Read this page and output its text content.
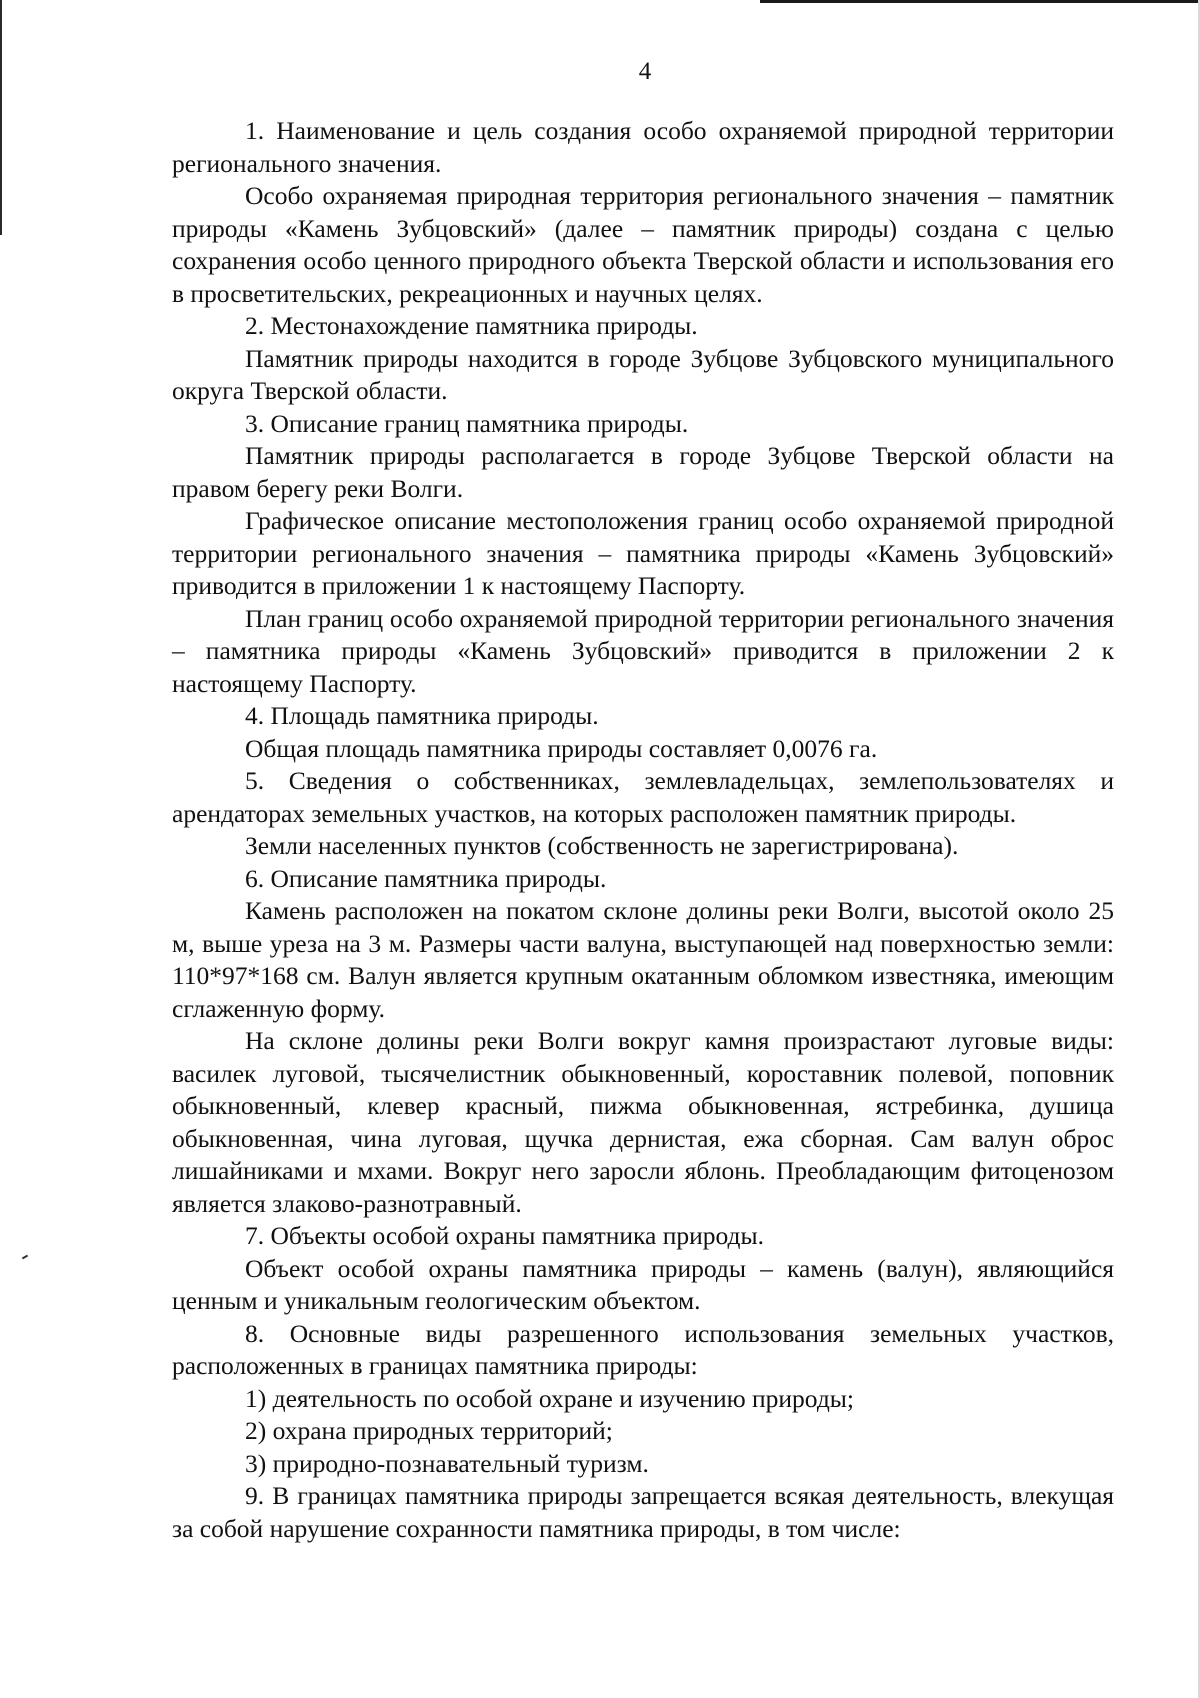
4

1. Наименование и цель создания особо охраняемой природной территории регионального значения.

Особо охраняемая природная территория регионального значения – памятник природы «Камень Зубцовский» (далее – памятник природы) создана с целью сохранения особо ценного природного объекта Тверской области и использования его в просветительских, рекреационных и научных целях.

2. Местонахождение памятника природы.

Памятник природы находится в городе Зубцове Зубцовского муниципального округа Тверской области.

3. Описание границ памятника природы.

Памятник природы располагается в городе Зубцове Тверской области на правом берегу реки Волги.

Графическое описание местоположения границ особо охраняемой природной территории регионального значения – памятника природы «Камень Зубцовский» приводится в приложении 1 к настоящему Паспорту.

План границ особо охраняемой природной территории регионального значения – памятника природы «Камень Зубцовский» приводится в приложении 2 к настоящему Паспорту.

4. Площадь памятника природы.

Общая площадь памятника природы составляет 0,0076 га.

5. Сведения о собственниках, землевладельцах, землепользователях и арендаторах земельных участков, на которых расположен памятник природы.

Земли населенных пунктов (собственность не зарегистрирована).

6. Описание памятника природы.

Камень расположен на покатом склоне долины реки Волги, высотой около 25 м, выше уреза на 3 м. Размеры части валуна, выступающей над поверхностью земли: 110*97*168 см. Валун является крупным окатанным обломком известняка, имеющим сглаженную форму.

На склоне долины реки Волги вокруг камня произрастают луговые виды: василек луговой, тысячелистник обыкновенный, короставник полевой, поповник обыкновенный, клевер красный, пижма обыкновенная, ястребинка, душица обыкновенная, чина луговая, щучка дернистая, ежа сборная. Сам валун оброс лишайниками и мхами. Вокруг него заросли яблонь. Преобладающим фитоценозом является злаково-разнотравный.

7. Объекты особой охраны памятника природы.

Объект особой охраны памятника природы – камень (валун), являющийся ценным и уникальным геологическим объектом.

8. Основные виды разрешенного использования земельных участков, расположенных в границах памятника природы:

1) деятельность по особой охране и изучению природы;

2) охрана природных территорий;

3) природно-познавательный туризм.

9. В границах памятника природы запрещается всякая деятельность, влекущая за собой нарушение сохранности памятника природы, в том числе:
